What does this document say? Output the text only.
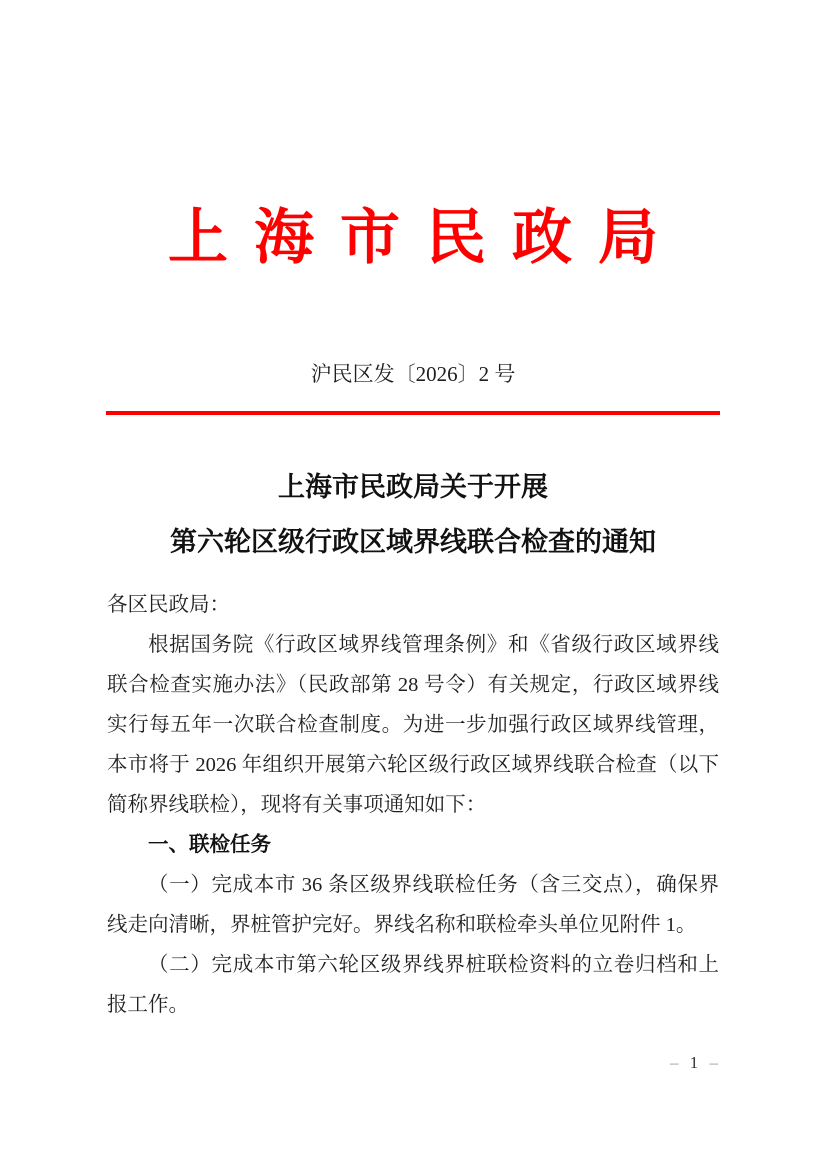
上海市民政局
沪民区发〔2026〕2 号
上海市民政局关于开展
第六轮区级行政区域界线联合检查的通知
各区民政局：
根据国务院《行政区域界线管理条例》和《省级行政区域界线
联合检查实施办法》（民政部第 28 号令）有关规定，行政区域界线
实行每五年一次联合检查制度。为进一步加强行政区域界线管理，
本市将于 2026 年组织开展第六轮区级行政区域界线联合检查（以下
简称界线联检），现将有关事项通知如下：
一、联检任务
（一）完成本市 36 条区级界线联检任务（含三交点），确保界
线走向清晰，界桩管护完好。界线名称和联检牵头单位见附件 1。
（二）完成本市第六轮区级界线界桩联检资料的立卷归档和上
报工作。
– 1 –
